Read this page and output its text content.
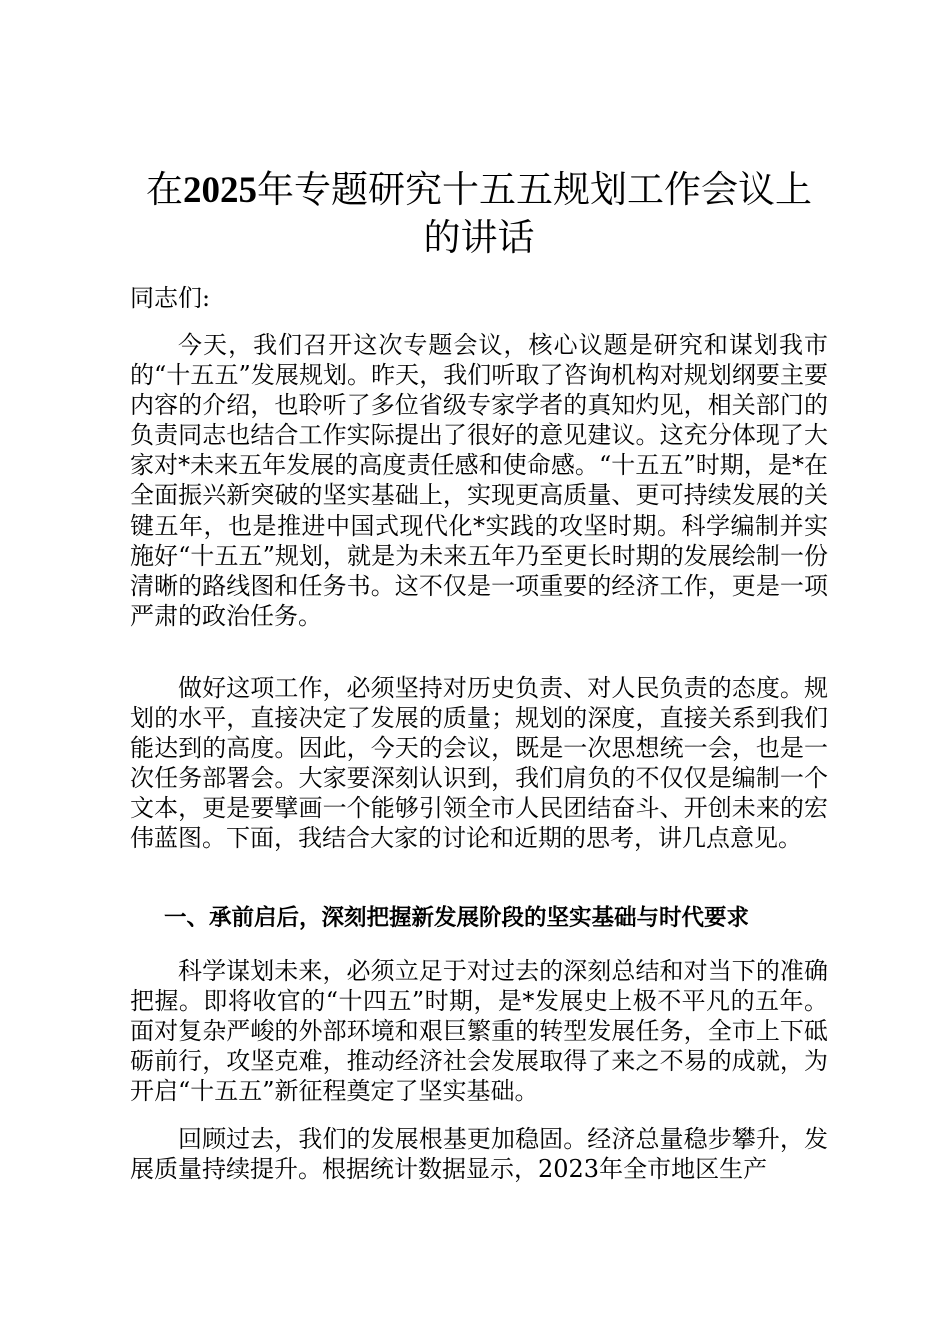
在2025年专题研究十五五规划工作会议上的讲话

同志们:

今天，我们召开这次专题会议，核心议题是研究和谋划我市的“十五五”发展规划。昨天，我们听取了咨询机构对规划纲要主要内容的介绍，也聆听了多位省级专家学者的真知灼见，相关部门的负责同志也结合工作实际提出了很好的意见建议。这充分体现了大家对*未来五年发展的高度责任感和使命感。“十五五”时期，是*在全面振兴新突破的坚实基础上，实现更高质量、更可持续发展的关键五年，也是推进中国式现代化*实践的攻坚时期。科学编制并实施好“十五五”规划，就是为未来五年乃至更长时期的发展绘制一份清晰的路线图和任务书。这不仅是一项重要的经济工作，更是一项严肃的政治任务。

做好这项工作，必须坚持对历史负责、对人民负责的态度。规划的水平，直接决定了发展的质量；规划的深度，直接关系到我们能达到的高度。因此，今天的会议，既是一次思想统一会，也是一次任务部署会。大家要深刻认识到，我们肩负的不仅仅是编制一个文本，更是要擘画一个能够引领全市人民团结奋斗、开创未来的宏伟蓝图。下面，我结合大家的讨论和近期的思考，讲几点意见。

一、承前启后，深刻把握新发展阶段的坚实基础与时代要求

科学谋划未来，必须立足于对过去的深刻总结和对当下的准确把握。即将收官的“十四五”时期，是*发展史上极不平凡的五年。面对复杂严峻的外部环境和艰巨繁重的转型发展任务，全市上下砥砺前行，攻坚克难，推动经济社会发展取得了来之不易的成就，为开启“十五五”新征程奠定了坚实基础。

回顾过去，我们的发展根基更加稳固。经济总量稳步攀升，发展质量持续提升。根据统计数据显示，2023年全市地区生产
